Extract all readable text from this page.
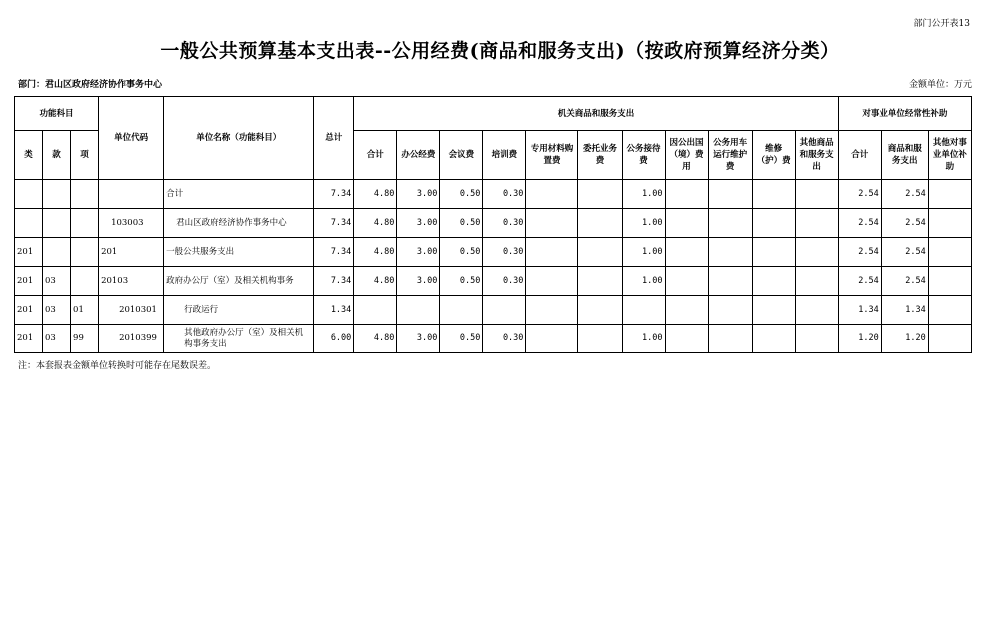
部门公开表13
一般公共预算基本支出表--公用经费(商品和服务支出)（按政府预算经济分类）
部门：君山区政府经济协作事务中心	金额单位：万元
功能科目			单位代码	单位名称（功能科目）	总计	机关商品和服务支出											对事业单位经常性补助		
类	款	项				合计	办公经费	会议费	培训费	专用材料购置费	委托业务费	公务接待费	因公出国（境）费用	公务用车运行维护费	维修（护）费	其他商品和服务支出	合计	商品和服务支出	其他对事业单位补助
				合计	7.34	4.80	3.00	0.50	0.30			1.00					2.54	2.54	
			103003	君山区政府经济协作事务中心	7.34	4.80	3.00	0.50	0.30			1.00					2.54	2.54	
201			201	一般公共服务支出	7.34	4.80	3.00	0.50	0.30			1.00					2.54	2.54	
201	03		20103	政府办公厅（室）及相关机构事务	7.34	4.80	3.00	0.50	0.30			1.00					2.54	2.54	
201	03	01	2010301	行政运行	1.34												1.34	1.34	
201	03	99	2010399	其他政府办公厅（室）及相关机构事务支出	6.00	4.80	3.00	0.50	0.30			1.00					1.20	1.20	
注：本套报表金额单位转换时可能存在尾数误差。
